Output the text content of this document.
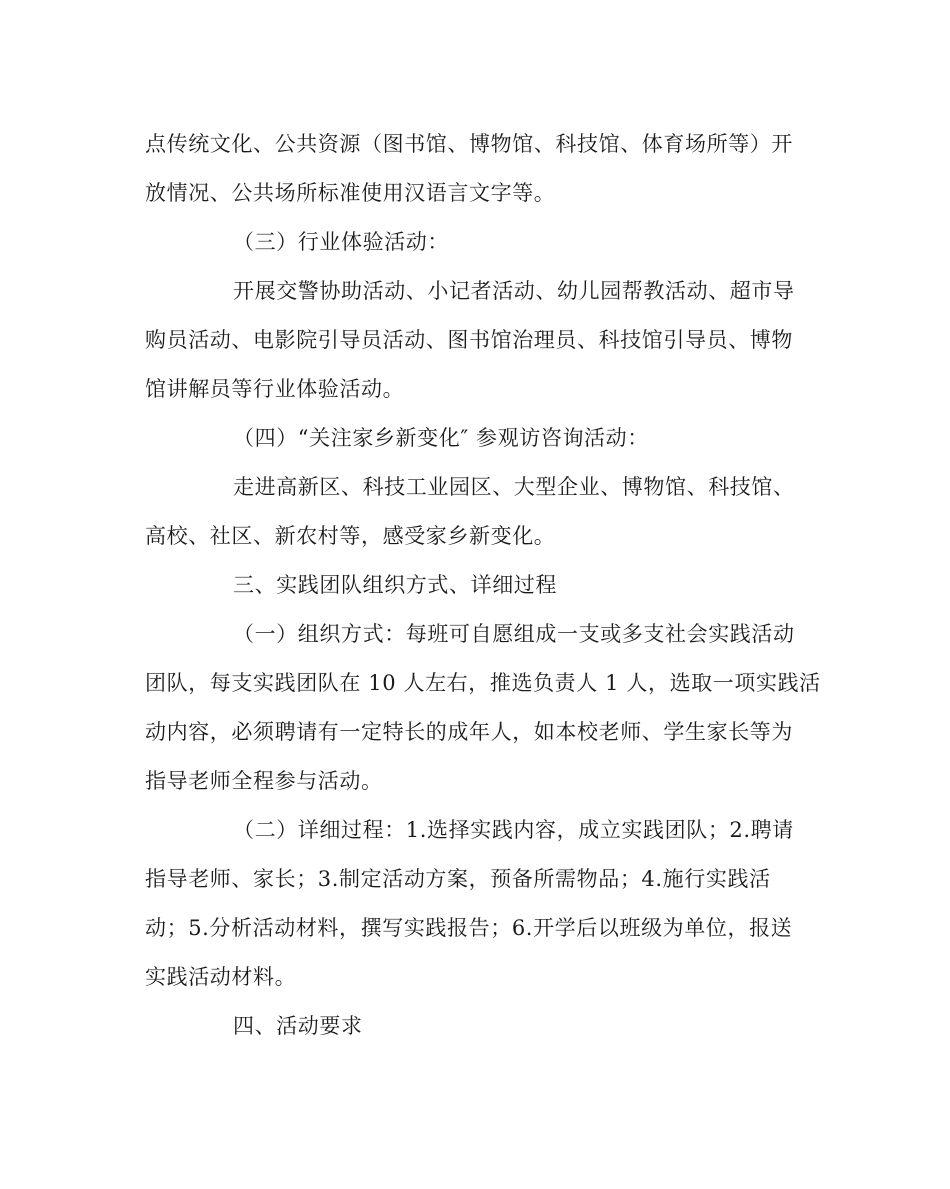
点传统文化、公共资源（图书馆、博物馆、科技馆、体育场所等）开

放情况、公共场所标准使用汉语言文字等。

（三）行业体验活动：

开展交警协助活动、小记者活动、幼儿园帮教活动、超市导

购员活动、电影院引导员活动、图书馆治理员、科技馆引导员、博物

馆讲解员等行业体验活动。

（四）“关注家乡新变化″ 参观访咨询活动：

走进高新区、科技工业园区、大型企业、博物馆、科技馆、

高校、社区、新农村等，感受家乡新变化。

三、实践团队组织方式、详细过程

（一）组织方式：每班可自愿组成一支或多支社会实践活动

团队，每支实践团队在 10 人左右，推选负责人 1 人，选取一项实践活

动内容，必须聘请有一定特长的成年人，如本校老师、学生家长等为

指导老师全程参与活动。

（二）详细过程：1.选择实践内容，成立实践团队；2.聘请

指导老师、家长；3.制定活动方案，预备所需物品；4.施行实践活

动；5.分析活动材料，撰写实践报告；6.开学后以班级为单位，报送

实践活动材料。

四、活动要求
